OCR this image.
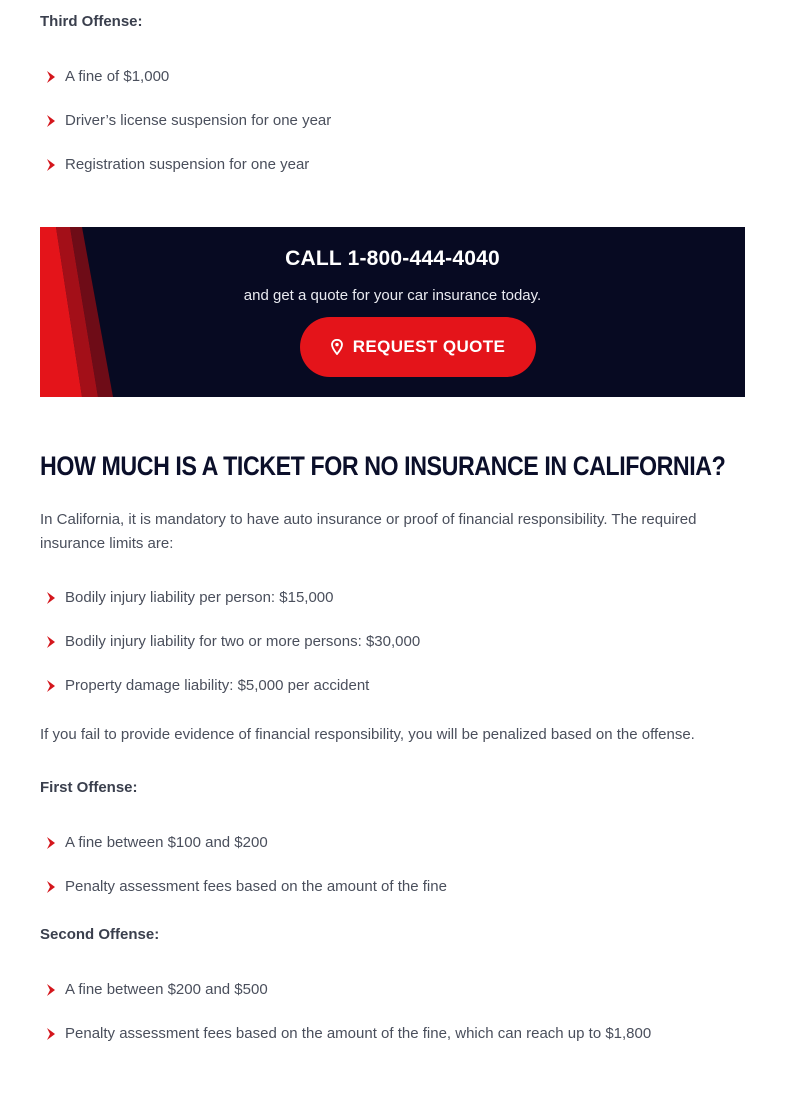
Third Offense:

A fine of $1,000
Driver’s license suspension for one year
Registration suspension for one year

CALL 1-800-444-4040

and get a quote for your car insurance today.

REQUEST QUOTE
HOW MUCH IS A TICKET FOR NO INSURANCE IN CALIFORNIA?

In California, it is mandatory to have auto insurance or proof of financial responsibility. The required insurance limits are:

Bodily injury liability per person: $15,000
Bodily injury liability for two or more persons: $30,000
Property damage liability: $5,000 per accident

If you fail to provide evidence of financial responsibility, you will be penalized based on the offense.

First Offense:

A fine between $100 and $200
Penalty assessment fees based on the amount of the fine

Second Offense:

A fine between $200 and $500
Penalty assessment fees based on the amount of the fine, which can reach up to $1,800
